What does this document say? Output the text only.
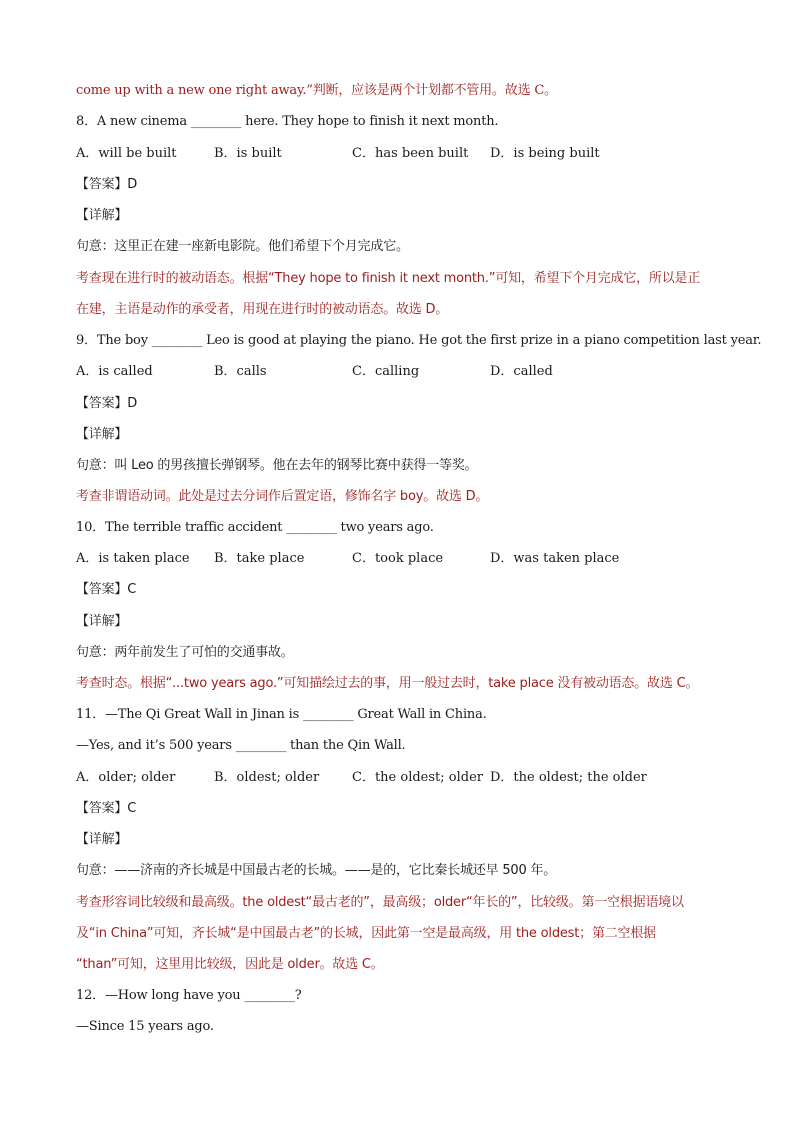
come up with a new one right away.”判断，应该是两个计划都不管用。故选 C。
8．A new cinema ________ here. They hope to finish it next month.
A．will be built	B．is built	C．has been built D．is being built
【答案】D
【详解】
句意：这里正在建一座新电影院。他们希望下个月完成它。
考查现在进行时的被动语态。根据“They hope to finish it next month.”可知，希望下个月完成它，所以是正
在建，主语是动作的承受者，用现在进行时的被动语态。故选 D。
9．The boy ________ Leo is good at playing the piano. He got the first prize in a piano competition last year.
A．is called	B．calls	C．calling	D．called
【答案】D
【详解】
句意：叫 Leo 的男孩擅长弹钢琴。他在去年的钢琴比赛中获得一等奖。
考查非谓语动词。此处是过去分词作后置定语，修饰名字 boy。故选 D。
10．The terrible traffic accident ________ two years ago.
A．is taken place B．take place	C．took place	D．was taken place
【答案】C
【详解】
句意：两年前发生了可怕的交通事故。
考查时态。根据“...two years ago.”可知描绘过去的事，用一般过去时，take place 没有被动语态。故选 C。
11．—The Qi Great Wall in Jinan is ________ Great Wall in China.
—Yes, and it’s 500 years ________ than the Qin Wall.
A．older; older	B．oldest; older	C．the oldest; older D．the oldest; the older
【答案】C
【详解】
句意：——济南的齐长城是中国最古老的长城。——是的，它比秦长城还早 500 年。
考查形容词比较级和最高级。the oldest“最古老的”，最高级；older“年长的”，比较级。第一空根据语境以
及“in China”可知，齐长城“是中国最古老”的长城，因此第一空是最高级，用 the oldest；第二空根据
“than”可知，这里用比较级，因此是 older。故选 C。
12．—How long have you ________?
—Since 15 years ago.
